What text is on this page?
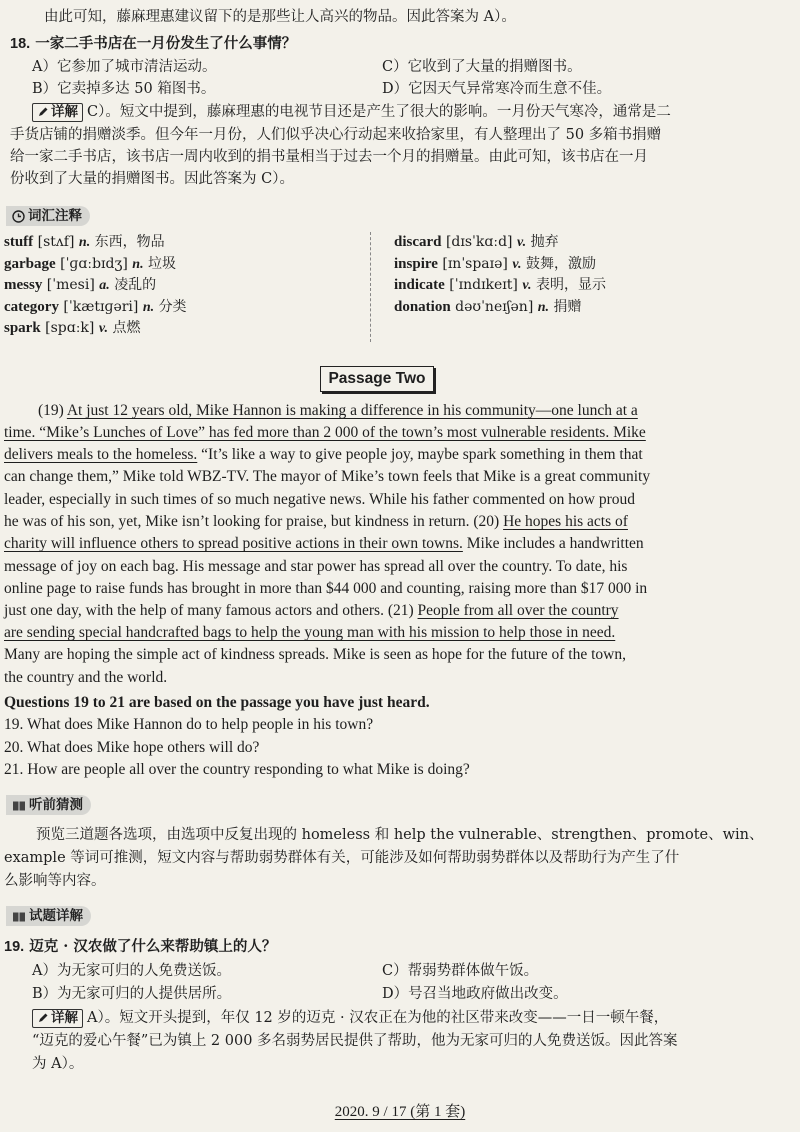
由此可知，藤麻理惠建议留下的是那些让人高兴的物品。因此答案为 A）。
18. 一家二手书店在一月份发生了什么事情？
A）它参加了城市清洁运动。	C）它收到了大量的捐赠图书。
B）它卖掉多达 50 箱图书。	D）它因天气异常寒冷而生意不佳。
详解 C）。短文中提到，藤麻理惠的电视节目还是产生了很大的影响。一月份天气寒冷，通常是二
手货店铺的捐赠淡季。但今年一月份，人们似乎决心行动起来收拾家里，有人整理出了 50 多箱书捐赠
给一家二手书店，该书店一周内收到的捐书量相当于过去一个月的捐赠量。由此可知，该书店在一月
份收到了大量的捐赠图书。因此答案为 C）。
词汇注释
stuff [stʌf] n. 东西，物品
garbage [ˈɡɑːbɪdʒ] n. 垃圾
messy [ˈmesi] a. 凌乱的
category [ˈkætɪɡəri] n. 分类
spark [spɑːk] v. 点燃
discard [dɪsˈkɑːd] v. 抛弃
inspire [ɪnˈspaɪə] v. 鼓舞，激励
indicate [ˈɪndɪkeɪt] v. 表明，显示
donation dəʊˈneɪʃən] n. 捐赠
Passage Two
(19) At just 12 years old, Mike Hannon is making a difference in his community—one lunch at a
time. “Mike’s Lunches of Love” has fed more than 2 000 of the town’s most vulnerable residents. Mike
delivers meals to the homeless. “It’s like a way to give people joy, maybe spark something in them that
can change them,” Mike told WBZ-TV. The mayor of Mike’s town feels that Mike is a great community
leader, especially in such times of so much negative news. While his father commented on how proud
he was of his son, yet, Mike isn’t looking for praise, but kindness in return. (20) He hopes his acts of
charity will influence others to spread positive actions in their own towns. Mike includes a handwritten
message of joy on each bag. His message and star power has spread all over the country. To date, his
online page to raise funds has brought in more than $44 000 and counting, raising more than $17 000 in
just one day, with the help of many famous actors and others. (21) People from all over the country
are sending special handcrafted bags to help the young man with his mission to help those in need.
Many are hoping the simple act of kindness spreads. Mike is seen as hope for the future of the town,
the country and the world.
Questions 19 to 21 are based on the passage you have just heard.
19. What does Mike Hannon do to help people in his town?
20. What does Mike hope others will do?
21. How are people all over the country responding to what Mike is doing?
听前猜测
预览三道题各选项，由选项中反复出现的 homeless 和 help the vulnerable、strengthen、promote、win、
example 等词可推测，短文内容与帮助弱势群体有关，可能涉及如何帮助弱势群体以及帮助行为产生了什
么影响等内容。
试题详解
19. 迈克 · 汉农做了什么来帮助镇上的人？
A）为无家可归的人免费送饭。	C）帮弱势群体做午饭。
B）为无家可归的人提供居所。	D）号召当地政府做出改变。
详解 A）。短文开头提到，年仅 12 岁的迈克 · 汉农正在为他的社区带来改变——一日一顿午餐，
“迈克的爱心午餐”已为镇上 2 000 多名弱势居民提供了帮助，他为无家可归的人免费送饭。因此答案
为 A）。
2020. 9 / 17 (第 1 套)
